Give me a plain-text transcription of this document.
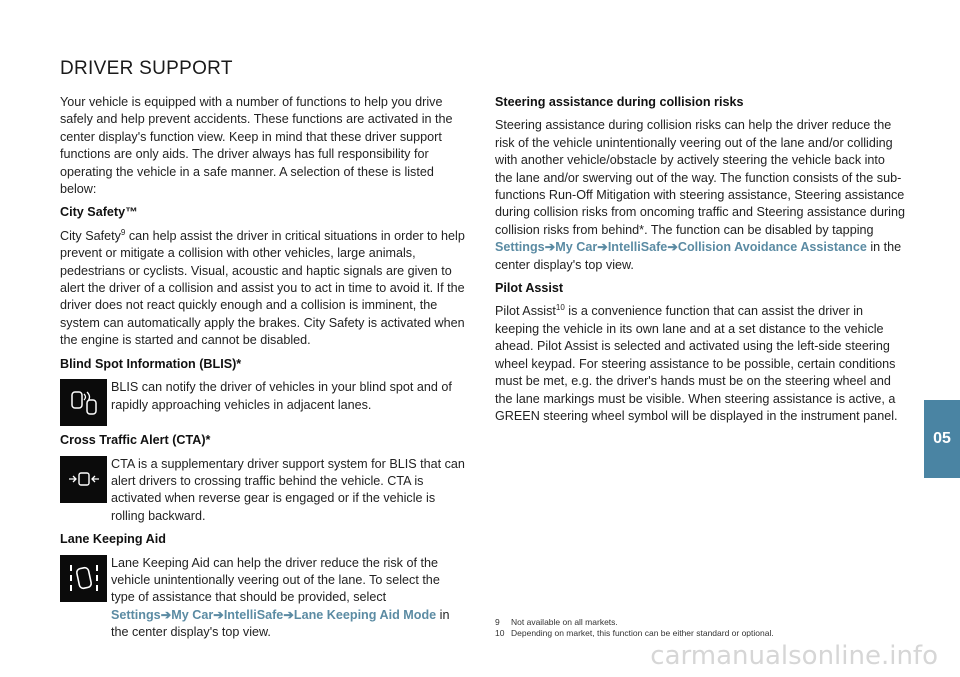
DRIVER SUPPORT

Your vehicle is equipped with a number of functions to help you drive safely and help prevent accidents. These functions are activated in the center display's function view. Keep in mind that these driver support functions are only aids. The driver always has full responsibility for operating the vehicle in a safe manner. A selection of these is listed below:

City Safety™

City Safety$^9$ can help assist the driver in critical situations in order to help prevent or mitigate a collision with other vehicles, large animals, pedestrians or cyclists. Visual, acoustic and haptic signals are given to alert the driver of a collision and assist you to act in time to avoid it. If the driver does not react quickly enough and a collision is imminent, the system can automatically apply the brakes. City Safety is activated when the engine is started and cannot be disabled.

Blind Spot Information (BLIS)*
BLIS can notify the driver of vehicles in your blind spot and of rapidly approaching vehicles in adjacent lanes.
Cross Traffic Alert (CTA)*
CTA is a supplementary driver support system for BLIS that can alert drivers to crossing traffic behind the vehicle. CTA is activated when reverse gear is engaged or if the vehicle is rolling backward.
Lane Keeping Aid
Lane Keeping Aid can help the driver reduce the risk of the vehicle unintentionally veering out of the lane. To select the type of assistance that should be provided, select Settings➔My Car➔IntelliSafe➔Lane Keeping Aid Mode in the center display's top view.
Steering assistance during collision risks

Steering assistance during collision risks can help the driver reduce the risk of the vehicle unintentionally veering out of the lane and/or colliding with another vehicle/obstacle by actively steering the vehicle back into the lane and/or swerving out of the way. The function consists of the sub-functions Run-Off Mitigation with steering assistance, Steering assistance during collision risks from oncoming traffic and Steering assistance during collision risks from behind*. The function can be disabled by tapping Settings➔My Car➔IntelliSafe➔Collision Avoidance Assistance in the center display's top view.

Pilot Assist

Pilot Assist$^{10}$ is a convenience function that can assist the driver in keeping the vehicle in its own lane and at a set distance to the vehicle ahead. Pilot Assist is selected and activated using the left-side steering wheel keypad. For steering assistance to be possible, certain conditions must be met, e.g. the driver's hands must be on the steering wheel and the lane markings must be visible. When steering assistance is active, a GREEN steering wheel symbol will be displayed in the instrument panel.

9	Not available on all markets.
10 Depending on market, this function can be either standard or optional.
05
carmanualsonline.info
